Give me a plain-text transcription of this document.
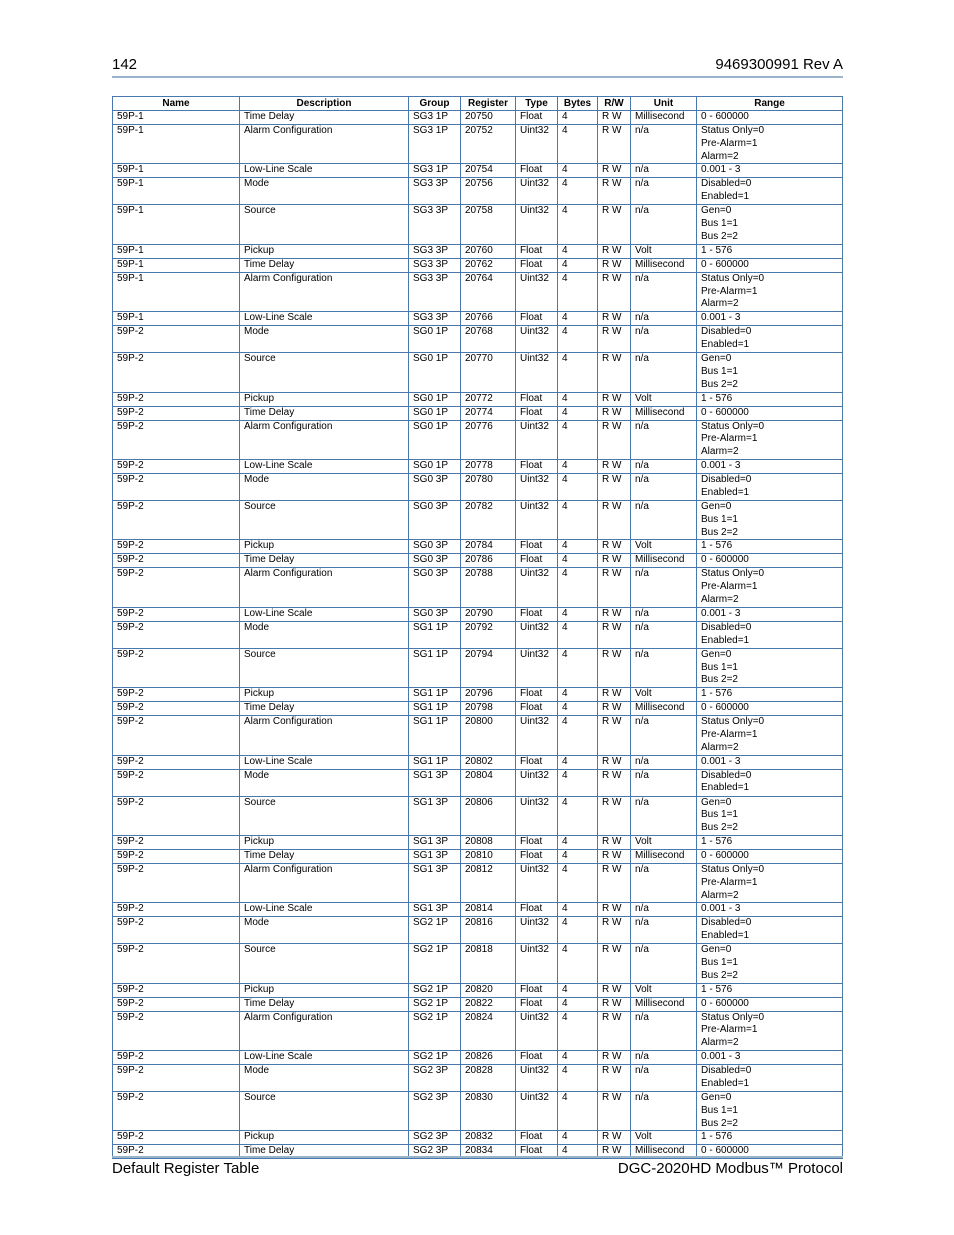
142	9469300991 Rev A
Name	Description	Group	Register	Type	Bytes	R/W	Unit	Range
59P-1	Time Delay	SG3 1P	20750	Float	4	R W	Millisecond	0 - 600000
59P-1	Alarm Configuration	SG3 1P	20752	Uint32	4	R W	n/a	Status Only=0
Pre-Alarm=1
Alarm=2
59P-1	Low-Line Scale	SG3 1P	20754	Float	4	R W	n/a	0.001 - 3
59P-1	Mode	SG3 3P	20756	Uint32	4	R W	n/a	Disabled=0
Enabled=1
59P-1	Source	SG3 3P	20758	Uint32	4	R W	n/a	Gen=0
Bus 1=1
Bus 2=2
59P-1	Pickup	SG3 3P	20760	Float	4	R W	Volt	1 - 576
59P-1	Time Delay	SG3 3P	20762	Float	4	R W	Millisecond	0 - 600000
59P-1	Alarm Configuration	SG3 3P	20764	Uint32	4	R W	n/a	Status Only=0
Pre-Alarm=1
Alarm=2
59P-1	Low-Line Scale	SG3 3P	20766	Float	4	R W	n/a	0.001 - 3
59P-2	Mode	SG0 1P	20768	Uint32	4	R W	n/a	Disabled=0
Enabled=1
59P-2	Source	SG0 1P	20770	Uint32	4	R W	n/a	Gen=0
Bus 1=1
Bus 2=2
59P-2	Pickup	SG0 1P	20772	Float	4	R W	Volt	1 - 576
59P-2	Time Delay	SG0 1P	20774	Float	4	R W	Millisecond	0 - 600000
59P-2	Alarm Configuration	SG0 1P	20776	Uint32	4	R W	n/a	Status Only=0
Pre-Alarm=1
Alarm=2
59P-2	Low-Line Scale	SG0 1P	20778	Float	4	R W	n/a	0.001 - 3
59P-2	Mode	SG0 3P	20780	Uint32	4	R W	n/a	Disabled=0
Enabled=1
59P-2	Source	SG0 3P	20782	Uint32	4	R W	n/a	Gen=0
Bus 1=1
Bus 2=2
59P-2	Pickup	SG0 3P	20784	Float	4	R W	Volt	1 - 576
59P-2	Time Delay	SG0 3P	20786	Float	4	R W	Millisecond	0 - 600000
59P-2	Alarm Configuration	SG0 3P	20788	Uint32	4	R W	n/a	Status Only=0
Pre-Alarm=1
Alarm=2
59P-2	Low-Line Scale	SG0 3P	20790	Float	4	R W	n/a	0.001 - 3
59P-2	Mode	SG1 1P	20792	Uint32	4	R W	n/a	Disabled=0
Enabled=1
59P-2	Source	SG1 1P	20794	Uint32	4	R W	n/a	Gen=0
Bus 1=1
Bus 2=2
59P-2	Pickup	SG1 1P	20796	Float	4	R W	Volt	1 - 576
59P-2	Time Delay	SG1 1P	20798	Float	4	R W	Millisecond	0 - 600000
59P-2	Alarm Configuration	SG1 1P	20800	Uint32	4	R W	n/a	Status Only=0
Pre-Alarm=1
Alarm=2
59P-2	Low-Line Scale	SG1 1P	20802	Float	4	R W	n/a	0.001 - 3
59P-2	Mode	SG1 3P	20804	Uint32	4	R W	n/a	Disabled=0
Enabled=1
59P-2	Source	SG1 3P	20806	Uint32	4	R W	n/a	Gen=0
Bus 1=1
Bus 2=2
59P-2	Pickup	SG1 3P	20808	Float	4	R W	Volt	1 - 576
59P-2	Time Delay	SG1 3P	20810	Float	4	R W	Millisecond	0 - 600000
59P-2	Alarm Configuration	SG1 3P	20812	Uint32	4	R W	n/a	Status Only=0
Pre-Alarm=1
Alarm=2
59P-2	Low-Line Scale	SG1 3P	20814	Float	4	R W	n/a	0.001 - 3
59P-2	Mode	SG2 1P	20816	Uint32	4	R W	n/a	Disabled=0
Enabled=1
59P-2	Source	SG2 1P	20818	Uint32	4	R W	n/a	Gen=0
Bus 1=1
Bus 2=2
59P-2	Pickup	SG2 1P	20820	Float	4	R W	Volt	1 - 576
59P-2	Time Delay	SG2 1P	20822	Float	4	R W	Millisecond	0 - 600000
59P-2	Alarm Configuration	SG2 1P	20824	Uint32	4	R W	n/a	Status Only=0
Pre-Alarm=1
Alarm=2
59P-2	Low-Line Scale	SG2 1P	20826	Float	4	R W	n/a	0.001 - 3
59P-2	Mode	SG2 3P	20828	Uint32	4	R W	n/a	Disabled=0
Enabled=1
59P-2	Source	SG2 3P	20830	Uint32	4	R W	n/a	Gen=0
Bus 1=1
Bus 2=2
59P-2	Pickup	SG2 3P	20832	Float	4	R W	Volt	1 - 576
59P-2	Time Delay	SG2 3P	20834	Float	4	R W	Millisecond	0 - 600000
Default Register Table	DGC-2020HD Modbus™ Protocol
